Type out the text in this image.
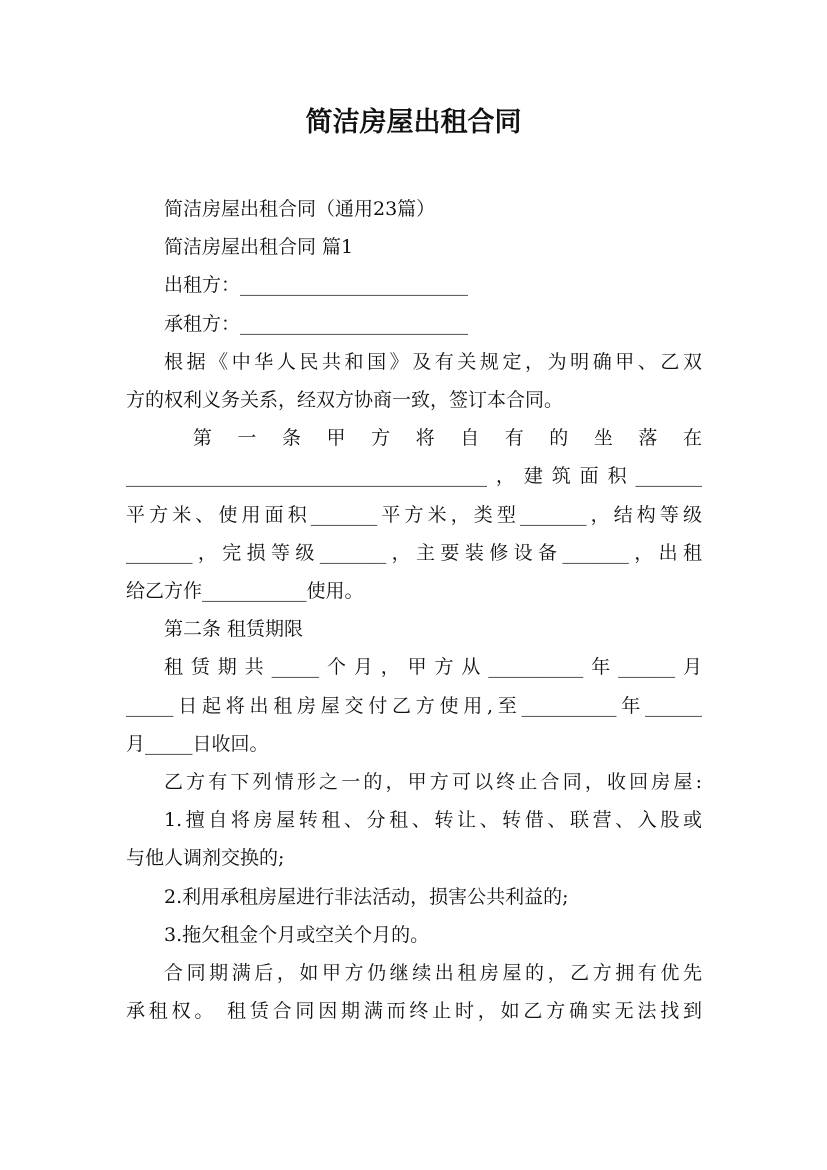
简洁房屋出租合同

简洁房屋出租合同（通用23篇）

简洁房屋出租合同 篇1

出租方：________________________

承租方：________________________

根据《中华人民共和国》及有关规定，为明确甲、乙双

方的权利义务关系，经双方协商一致，签订本合同。

　　　第　一　条　甲　方　将　自　有　的　坐　落　在

______________________________________，建筑面积_______

平方米、使用面积_______平方米，类型_______，结构等级

_______，完损等级_______，主要装修设备_______，出租

给乙方作___________使用。

第二条 租赁期限

租赁期共_____个月，甲方从__________年______月

_____日起将出租房屋交付乙方使用,至__________年______

月_____日收回。

乙方有下列情形之一的，甲方可以终止合同，收回房屋:

1.擅自将房屋转租、分租、转让、转借、联营、入股或

与他人调剂交换的;

2.利用承租房屋进行非法活动，损害公共利益的;

3.拖欠租金个月或空关个月的。

合同期满后，如甲方仍继续出租房屋的，乙方拥有优先

承租权。 租赁合同因期满而终止时，如乙方确实无法找到
